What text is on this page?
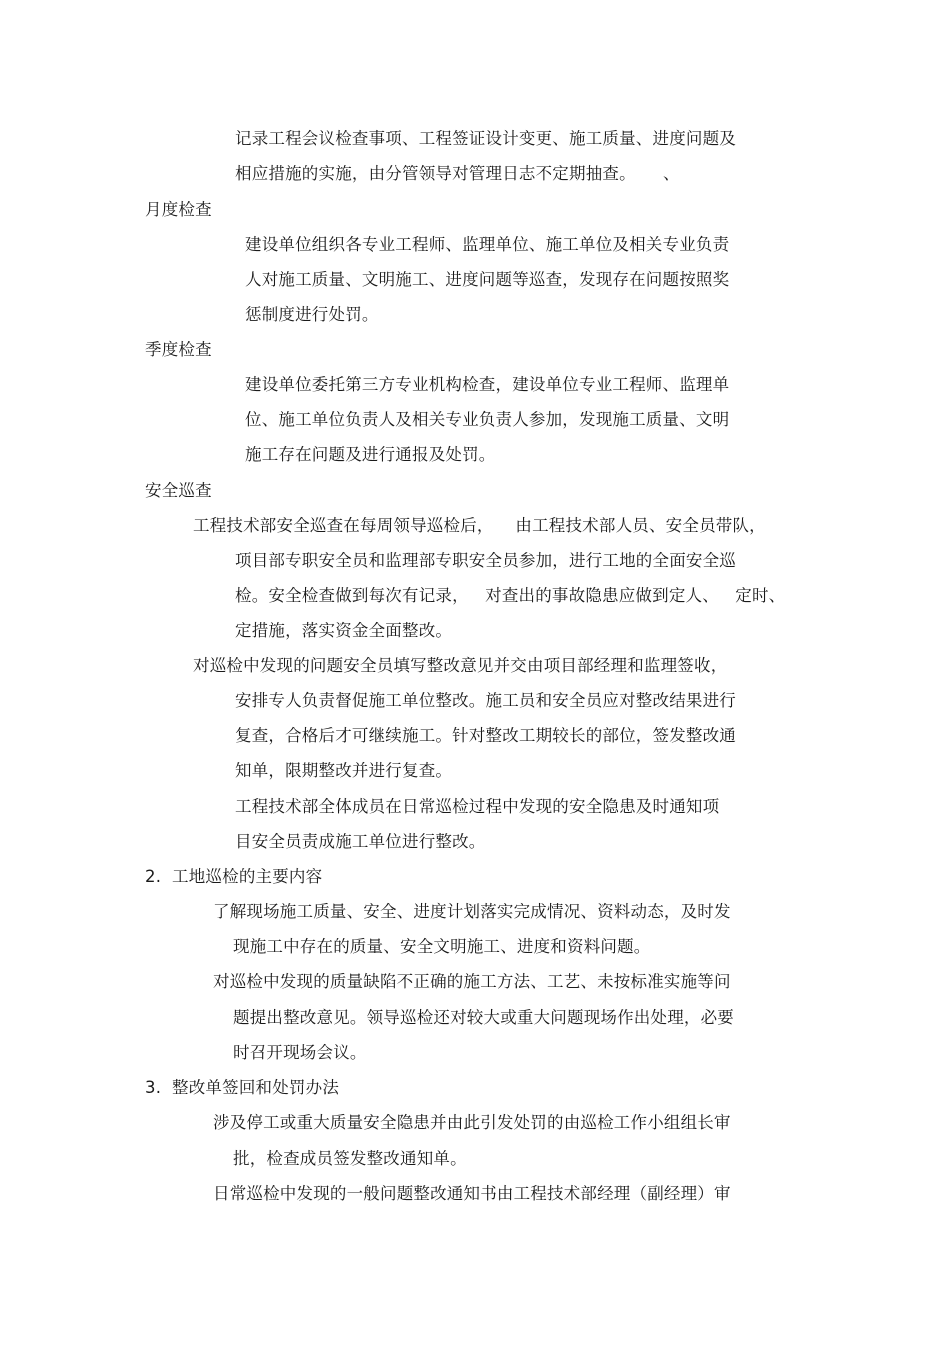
记录工程会议检查事项、工程签证设计变更、施工质量、进度问题及
相应措施的实施，由分管领导对管理日志不定期抽查。     、
月度检查
建设单位组织各专业工程师、监理单位、施工单位及相关专业负责
人对施工质量、文明施工、进度问题等巡查，发现存在问题按照奖
惩制度进行处罚。
季度检查
建设单位委托第三方专业机构检查，建设单位专业工程师、监理单
位、施工单位负责人及相关专业负责人参加，发现施工质量、文明
施工存在问题及进行通报及处罚。
安全巡查
工程技术部安全巡查在每周领导巡检后，    由工程技术部人员、安全员带队，
项目部专职安全员和监理部专职安全员参加，进行工地的全面安全巡
检。安全检查做到每次有记录，   对查出的事故隐患应做到定人、   定时、
定措施，落实资金全面整改。
对巡检中发现的问题安全员填写整改意见并交由项目部经理和监理签收，
安排专人负责督促施工单位整改。施工员和安全员应对整改结果进行
复查，合格后才可继续施工。针对整改工期较长的部位，签发整改通
知单，限期整改并进行复查。
工程技术部全体成员在日常巡检过程中发现的安全隐患及时通知项
目安全员责成施工单位进行整改。
2.  工地巡检的主要内容
了解现场施工质量、安全、进度计划落实完成情况、资料动态，及时发
现施工中存在的质量、安全文明施工、进度和资料问题。
对巡检中发现的质量缺陷不正确的施工方法、工艺、未按标准实施等问
题提出整改意见。领导巡检还对较大或重大问题现场作出处理，必要
时召开现场会议。
3.  整改单签回和处罚办法
涉及停工或重大质量安全隐患并由此引发处罚的由巡检工作小组组长审
批，检查成员签发整改通知单。
日常巡检中发现的一般问题整改通知书由工程技术部经理（副经理）审
